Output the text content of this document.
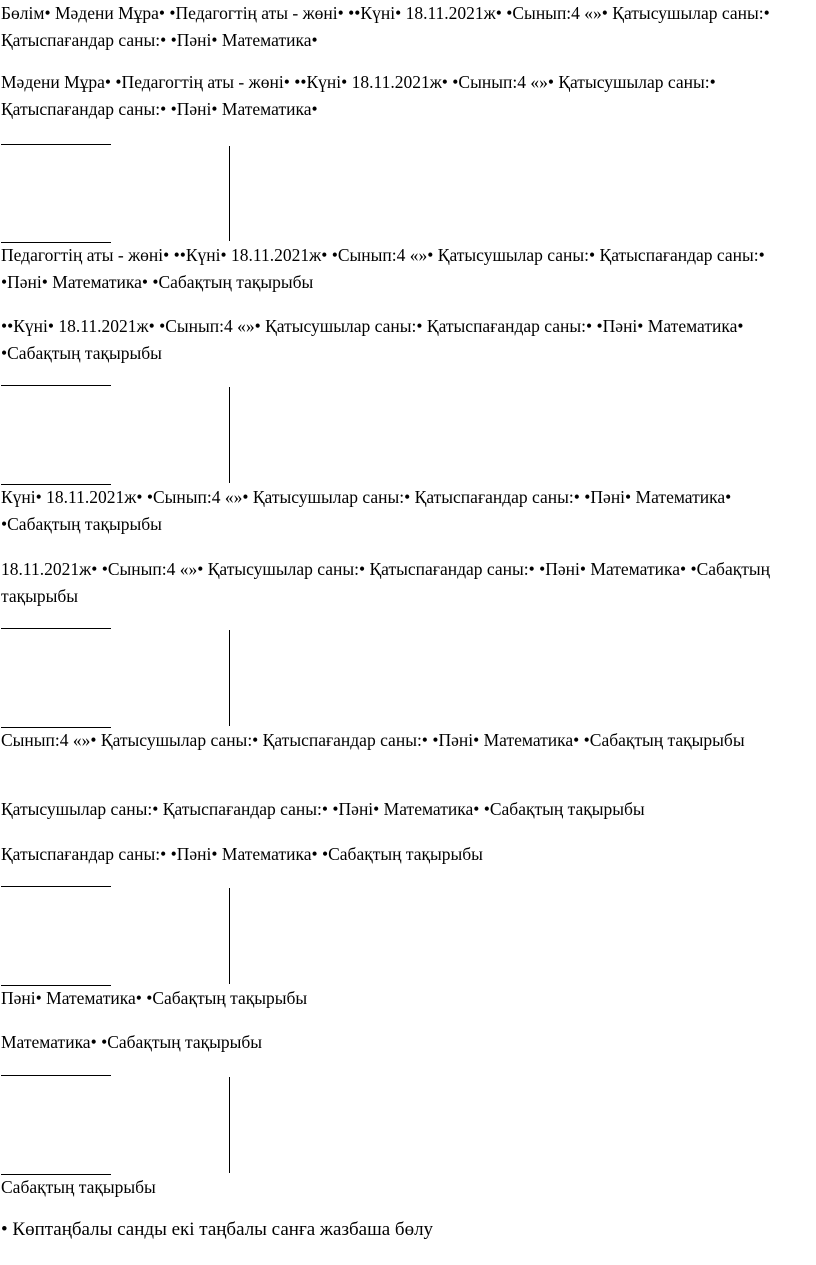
Бөлім• Мәдени Мұра• •Педагогтің аты - жөні• ••Күні• 18.11.2021ж• •Сынып:4 «»• Қатысушылар саны:• Қатыспағандар саны:• •Пәні• Математика•

Мәдени Мұра• •Педагогтің аты - жөні• ••Күні• 18.11.2021ж• •Сынып:4 «»• Қатысушылар саны:• Қатыспағандар саны:• •Пәні• Математика•

Педагогтің аты - жөні• ••Күні• 18.11.2021ж• •Сынып:4 «»• Қатысушылар саны:• Қатыспағандар саны:• •Пәні• Математика• •Сабақтың тақырыбы

••Күні• 18.11.2021ж• •Сынып:4 «»• Қатысушылар саны:• Қатыспағандар саны:• •Пәні• Математика• •Сабақтың тақырыбы

Күні• 18.11.2021ж• •Сынып:4 «»• Қатысушылар саны:• Қатыспағандар саны:• •Пәні• Математика• •Сабақтың тақырыбы

18.11.2021ж• •Сынып:4 «»• Қатысушылар саны:• Қатыспағандар саны:• •Пәні• Математика• •Сабақтың тақырыбы

Сынып:4 «»• Қатысушылар саны:• Қатыспағандар саны:• •Пәні• Математика• •Сабақтың тақырыбы

Қатысушылар саны:• Қатыспағандар саны:• •Пәні• Математика• •Сабақтың тақырыбы

Қатыспағандар саны:• •Пәні• Математика• •Сабақтың тақырыбы

Пәні• Математика• •Сабақтың тақырыбы

Математика• •Сабақтың тақырыбы

Сабақтың тақырыбы

• Көптаңбалы санды екі таңбалы санға жазбаша бөлу
